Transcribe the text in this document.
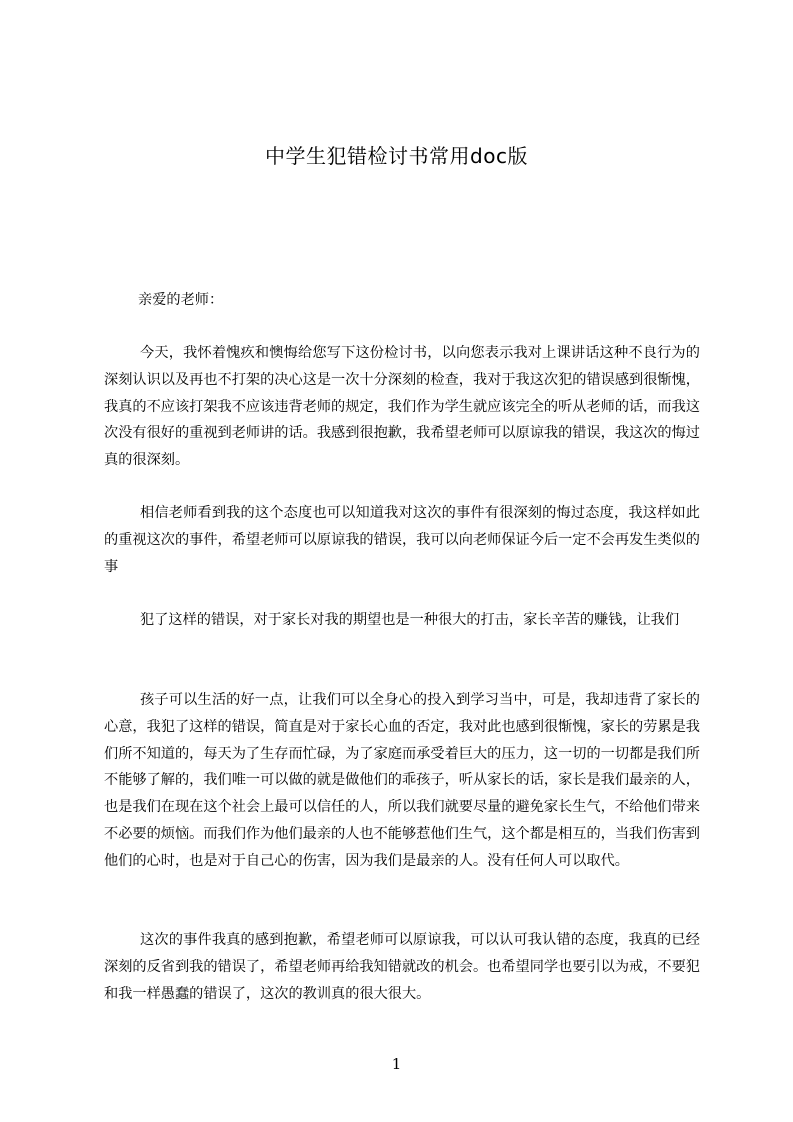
中学生犯错检讨书常用doc版

亲爱的老师：

今天，我怀着愧疚和懊悔给您写下这份检讨书，以向您表示我对上课讲话这种不良行为的深刻认识以及再也不打架的决心这是一次十分深刻的检查，我对于我这次犯的错误感到很惭愧，我真的不应该打架我不应该违背老师的规定，我们作为学生就应该完全的听从老师的话，而我这次没有很好的重视到老师讲的话。我感到很抱歉，我希望老师可以原谅我的错误，我这次的悔过真的很深刻。

相信老师看到我的这个态度也可以知道我对这次的事件有很深刻的悔过态度，我这样如此的重视这次的事件，希望老师可以原谅我的错误，我可以向老师保证今后一定不会再发生类似的事

犯了这样的错误，对于家长对我的期望也是一种很大的打击，家长辛苦的赚钱，让我们

孩子可以生活的好一点，让我们可以全身心的投入到学习当中，可是，我却违背了家长的心意，我犯了这样的错误，简直是对于家长心血的否定，我对此也感到很惭愧，家长的劳累是我们所不知道的，每天为了生存而忙碌，为了家庭而承受着巨大的压力，这一切的一切都是我们所不能够了解的，我们唯一可以做的就是做他们的乖孩子，听从家长的话，家长是我们最亲的人，也是我们在现在这个社会上最可以信任的人，所以我们就要尽量的避免家长生气，不给他们带来不必要的烦恼。而我们作为他们最亲的人也不能够惹他们生气，这个都是相互的，当我们伤害到他们的心时，也是对于自己心的伤害，因为我们是最亲的人。没有任何人可以取代。

这次的事件我真的感到抱歉，希望老师可以原谅我，可以认可我认错的态度，我真的已经深刻的反省到我的错误了，希望老师再给我知错就改的机会。也希望同学也要引以为戒，不要犯和我一样愚蠢的错误了，这次的教训真的很大很大。

1
